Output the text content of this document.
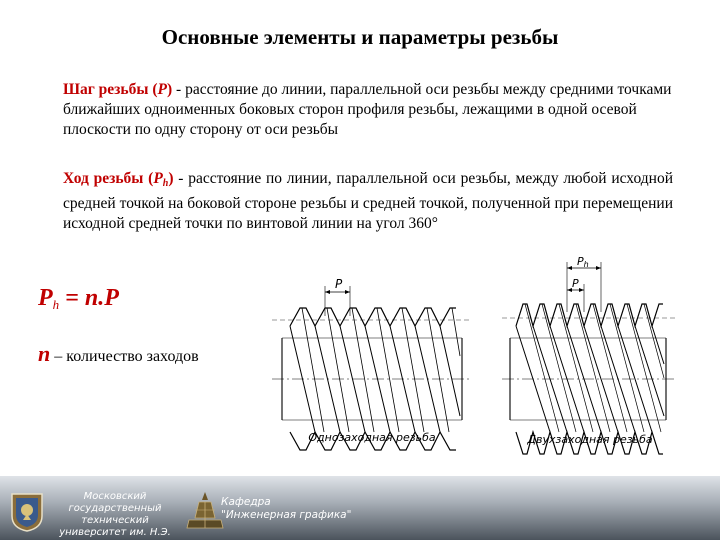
Основные элементы и параметры резьбы
Шаг резьбы (P) - расстояние до линии, параллельной оси резьбы между средними точками ближайших одноименных боковых сторон профиля резьбы, лежащими в одной осевой плоскости по одну сторону от оси резьбы
Ход резьбы $(P_h)$ - расстояние по линии, параллельной оси резьбы, между любой исходной средней точкой на боковой стороне резьбы и средней точкой, полученной при перемещении исходной средней точки по винтовой линии на угол 360°
Ph = n.P
n – количество заходов
P
Однозаходная резьба
Ph
P
Двухзаходная резьба
Московский государственный технический университет им. Н.Э. Баумана
Кафедра
"Инженерная графика"
